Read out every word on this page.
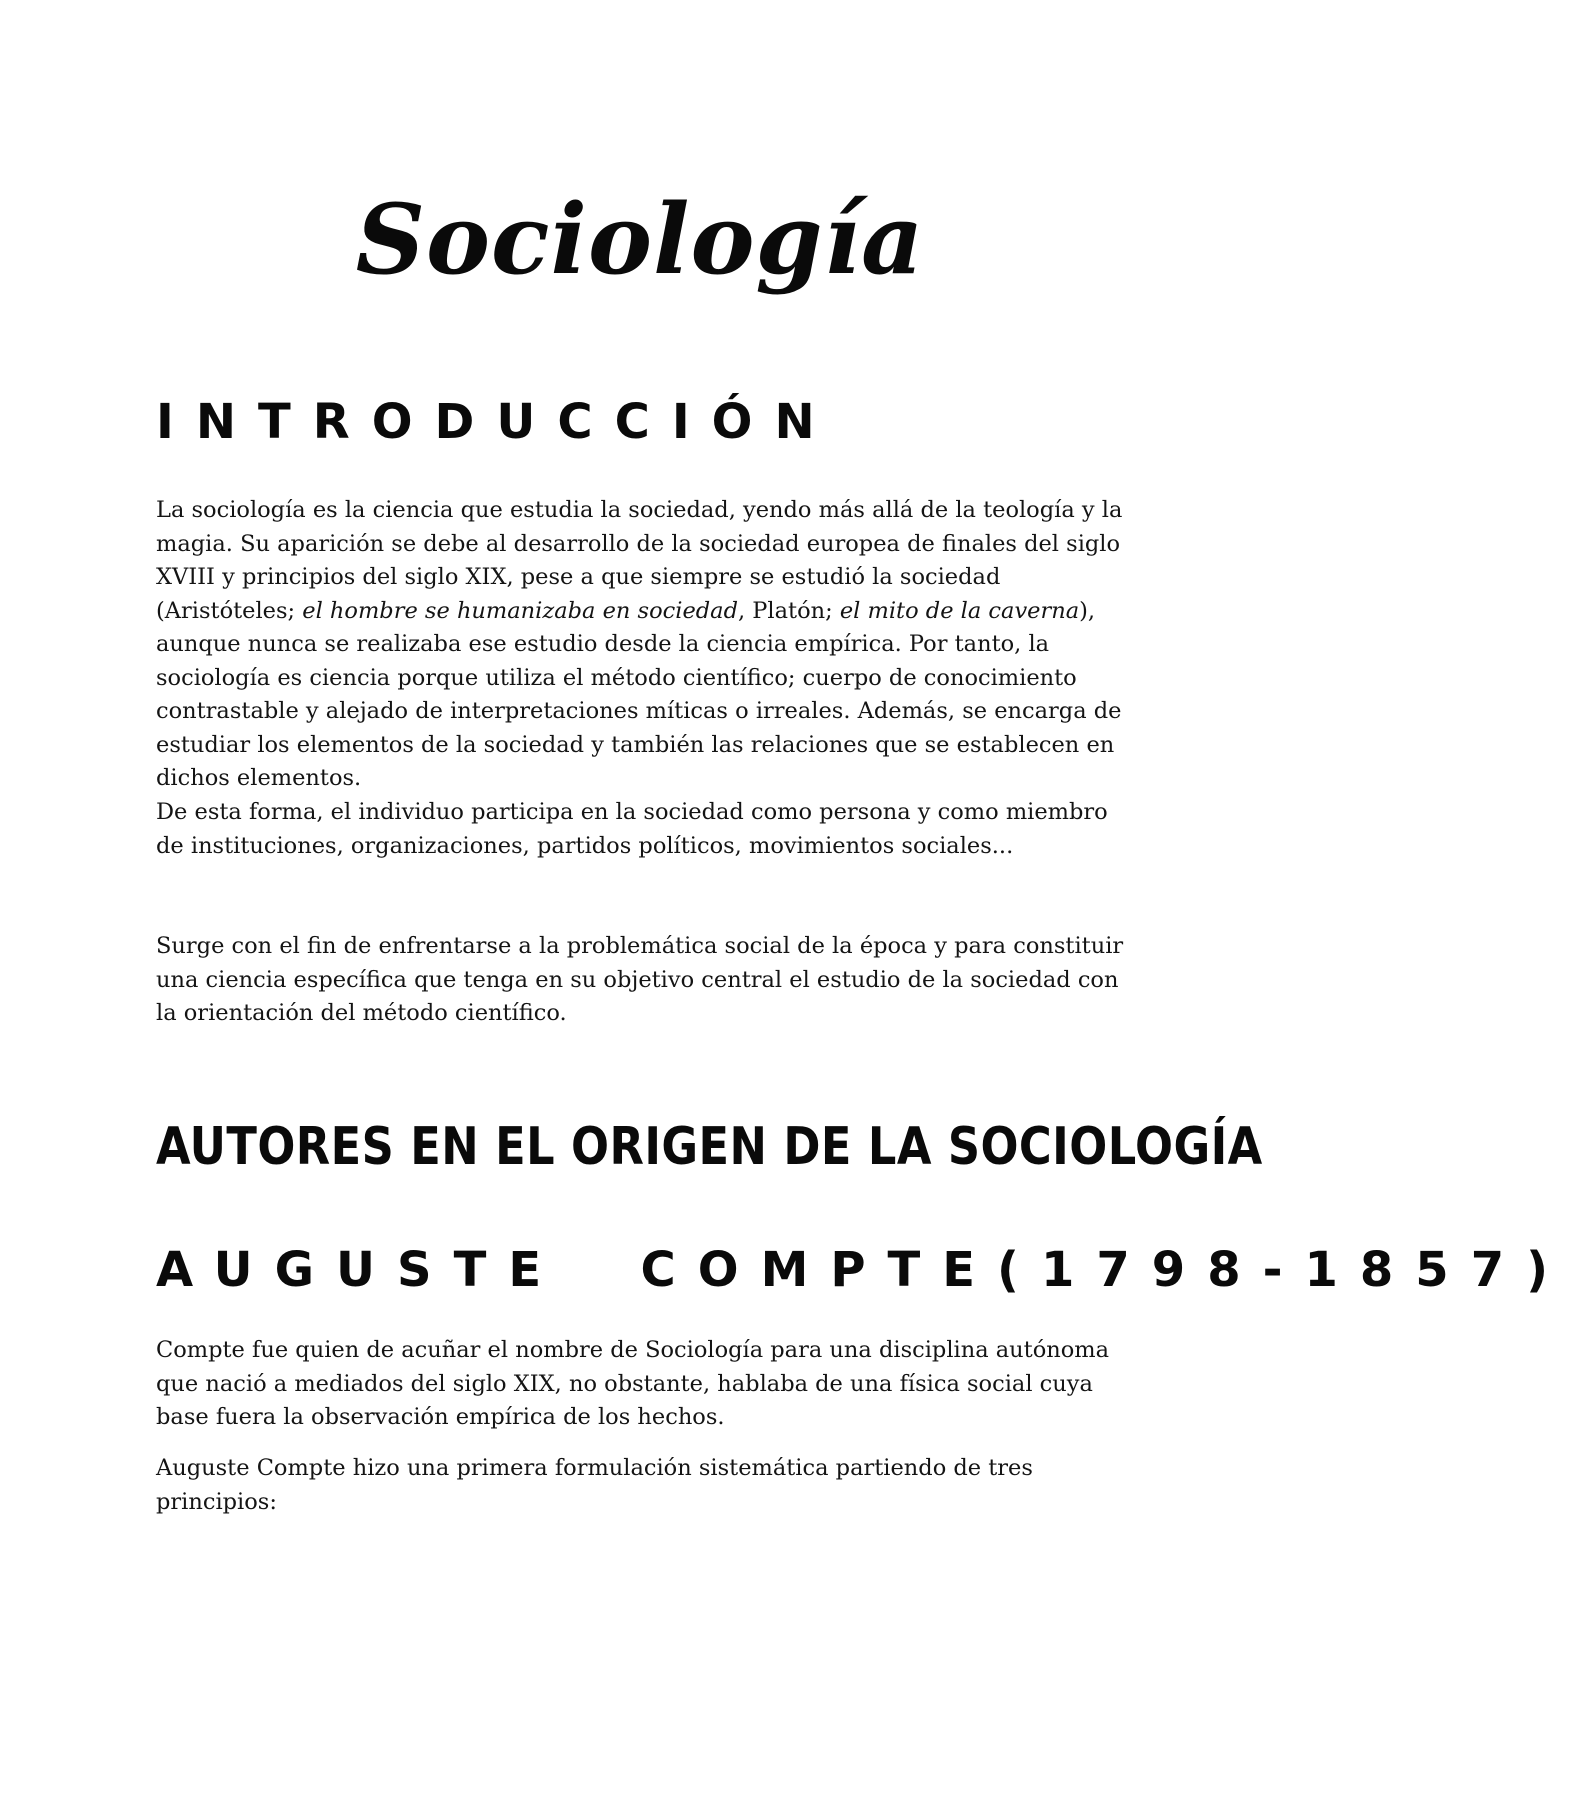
Sociología
INTRODUCCIÓN

La sociología es la ciencia que estudia la sociedad, yendo más allá de la teología y la magia. Su aparición se debe al desarrollo de la sociedad europea de finales del siglo XVIII y principios del siglo XIX, pese a que siempre se estudió la sociedad (Aristóteles; el hombre se humanizaba en sociedad, Platón; el mito de la caverna), aunque nunca se realizaba ese estudio desde la ciencia empírica. Por tanto, la sociología es ciencia porque utiliza el método científico; cuerpo de conocimiento contrastable y alejado de interpretaciones míticas o irreales. Además, se encarga de estudiar los elementos de la sociedad y también las relaciones que se establecen en dichos elementos.

De esta forma, el individuo participa en la sociedad como persona y como miembro de instituciones, organizaciones, partidos políticos, movimientos sociales...

Surge con el fin de enfrentarse a la problemática social de la época y para constituir una ciencia específica que tenga en su objetivo central el estudio de la sociedad con la orientación del método científico.

AUTORES EN EL ORIGEN DE LA SOCIOLOGÍA
AUGUSTE  COMPTE(1798-1857)

Compte fue quien de acuñar el nombre de Sociología para una disciplina autónoma que nació a mediados del siglo XIX, no obstante, hablaba de una física social cuya base fuera la observación empírica de los hechos.

Auguste Compte hizo una primera formulación sistemática partiendo de tres principios:
